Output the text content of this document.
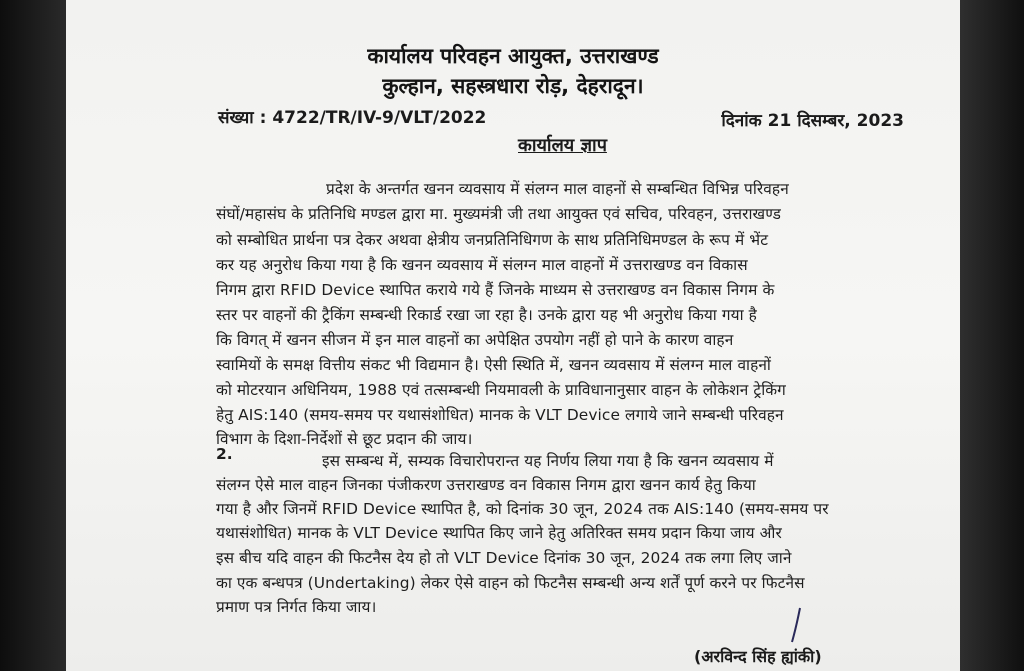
कार्यालय परिवहन आयुक्त, उत्तराखण्ड
कुल्हान, सहस्त्रधारा रोड़, देहरादून।
संख्या : 4722/TR/IV-9/VLT/2022	दिनांक 21 दिसम्बर, 2023
कार्यालय ज्ञाप
प्रदेश के अन्तर्गत खनन व्यवसाय में संलग्न माल वाहनों से सम्बन्धित विभिन्न परिवहन
संघों/महासंघ के प्रतिनिधि मण्डल द्वारा मा. मुख्यमंत्री जी तथा आयुक्त एवं सचिव, परिवहन, उत्तराखण्ड
को सम्बोधित प्रार्थना पत्र देकर अथवा क्षेत्रीय जनप्रतिनिधिगण के साथ प्रतिनिधिमण्डल के रूप में भेंट
कर यह अनुरोध किया गया है कि खनन व्यवसाय में संलग्न माल वाहनों में उत्तराखण्ड वन विकास
निगम द्वारा RFID Device स्थापित कराये गये हैं जिनके माध्यम से उत्तराखण्ड वन विकास निगम के
स्तर पर वाहनों की ट्रैकिंग सम्बन्धी रिकार्ड रखा जा रहा है। उनके द्वारा यह भी अनुरोध किया गया है
कि विगत् में खनन सीजन में इन माल वाहनों का अपेक्षित उपयोग नहीं हो पाने के कारण वाहन
स्वामियों के समक्ष वित्तीय संकट भी विद्यमान है। ऐसी स्थिति में, खनन व्यवसाय में संलग्न माल वाहनों
को मोटरयान अधिनियम, 1988 एवं तत्सम्बन्धी नियमावली के प्राविधानानुसार वाहन के लोकेशन ट्रेकिंग
हेतु AIS:140 (समय-समय पर यथासंशोधित) मानक के VLT Device लगाये जाने सम्बन्धी परिवहन
विभाग के दिशा-निर्देशों से छूट प्रदान की जाय।
2.	इस सम्बन्ध में, सम्यक विचारोपरान्त यह निर्णय लिया गया है कि खनन व्यवसाय में
संलग्न ऐसे माल वाहन जिनका पंजीकरण उत्तराखण्ड वन विकास निगम द्वारा खनन कार्य हेतु किया
गया है और जिनमें RFID Device स्थापित है, को दिनांक 30 जून, 2024 तक AIS:140 (समय-समय पर
यथासंशोधित) मानक के VLT Device स्थापित किए जाने हेतु अतिरिक्त समय प्रदान किया जाय और
इस बीच यदि वाहन की फिटनैस देय हो तो VLT Device दिनांक 30 जून, 2024 तक लगा लिए जाने
का एक बन्धपत्र (Undertaking) लेकर ऐसे वाहन को फिटनैस सम्बन्धी अन्य शर्तें पूर्ण करने पर फिटनैस
प्रमाण पत्र निर्गत किया जाय।
(अरविन्द सिंह ह्यांकी)
